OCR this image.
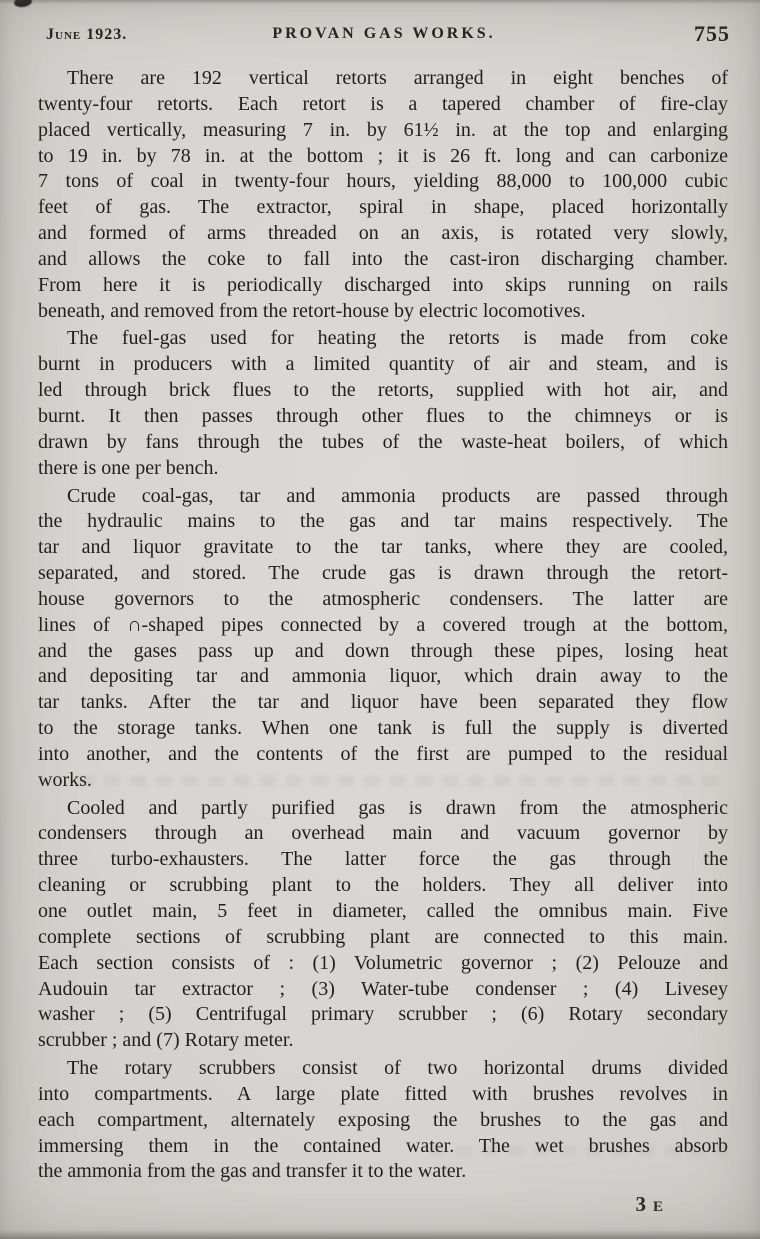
June 1923.	PROVAN GAS WORKS.	755
There are 192 vertical retorts arranged in eight benches of
twenty-four retorts. Each retort is a tapered chamber of fire-clay
placed vertically, measuring 7 in. by 61½ in. at the top and enlarging
to 19 in. by 78 in. at the bottom ; it is 26 ft. long and can carbonize
7 tons of coal in twenty-four hours, yielding 88,000 to 100,000 cubic
feet of gas. The extractor, spiral in shape, placed horizontally
and formed of arms threaded on an axis, is rotated very slowly,
and allows the coke to fall into the cast-iron discharging chamber.
From here it is periodically discharged into skips running on rails
beneath, and removed from the retort-house by electric locomotives.
The fuel-gas used for heating the retorts is made from coke
burnt in producers with a limited quantity of air and steam, and is
led through brick flues to the retorts, supplied with hot air, and
burnt. It then passes through other flues to the chimneys or is
drawn by fans through the tubes of the waste-heat boilers, of which
there is one per bench.
Crude coal-gas, tar and ammonia products are passed through
the hydraulic mains to the gas and tar mains respectively. The
tar and liquor gravitate to the tar tanks, where they are cooled,
separated, and stored. The crude gas is drawn through the retort-
house governors to the atmospheric condensers. The latter are
lines of ∩-shaped pipes connected by a covered trough at the bottom,
and the gases pass up and down through these pipes, losing heat
and depositing tar and ammonia liquor, which drain away to the
tar tanks. After the tar and liquor have been separated they flow
to the storage tanks. When one tank is full the supply is diverted
into another, and the contents of the first are pumped to the residual
works.
Cooled and partly purified gas is drawn from the atmospheric
condensers through an overhead main and vacuum governor by
three turbo-exhausters. The latter force the gas through the
cleaning or scrubbing plant to the holders. They all deliver into
one outlet main, 5 feet in diameter, called the omnibus main. Five
complete sections of scrubbing plant are connected to this main.
Each section consists of : (1) Volumetric governor ; (2) Pelouze and
Audouin tar extractor ; (3) Water-tube condenser ; (4) Livesey
washer ; (5) Centrifugal primary scrubber ; (6) Rotary secondary
scrubber ; and (7) Rotary meter.
The rotary scrubbers consist of two horizontal drums divided
into compartments. A large plate fitted with brushes revolves in
each compartment, alternately exposing the brushes to the gas and
immersing them in the contained water. The wet brushes absorb
the ammonia from the gas and transfer it to the water.
3 E
